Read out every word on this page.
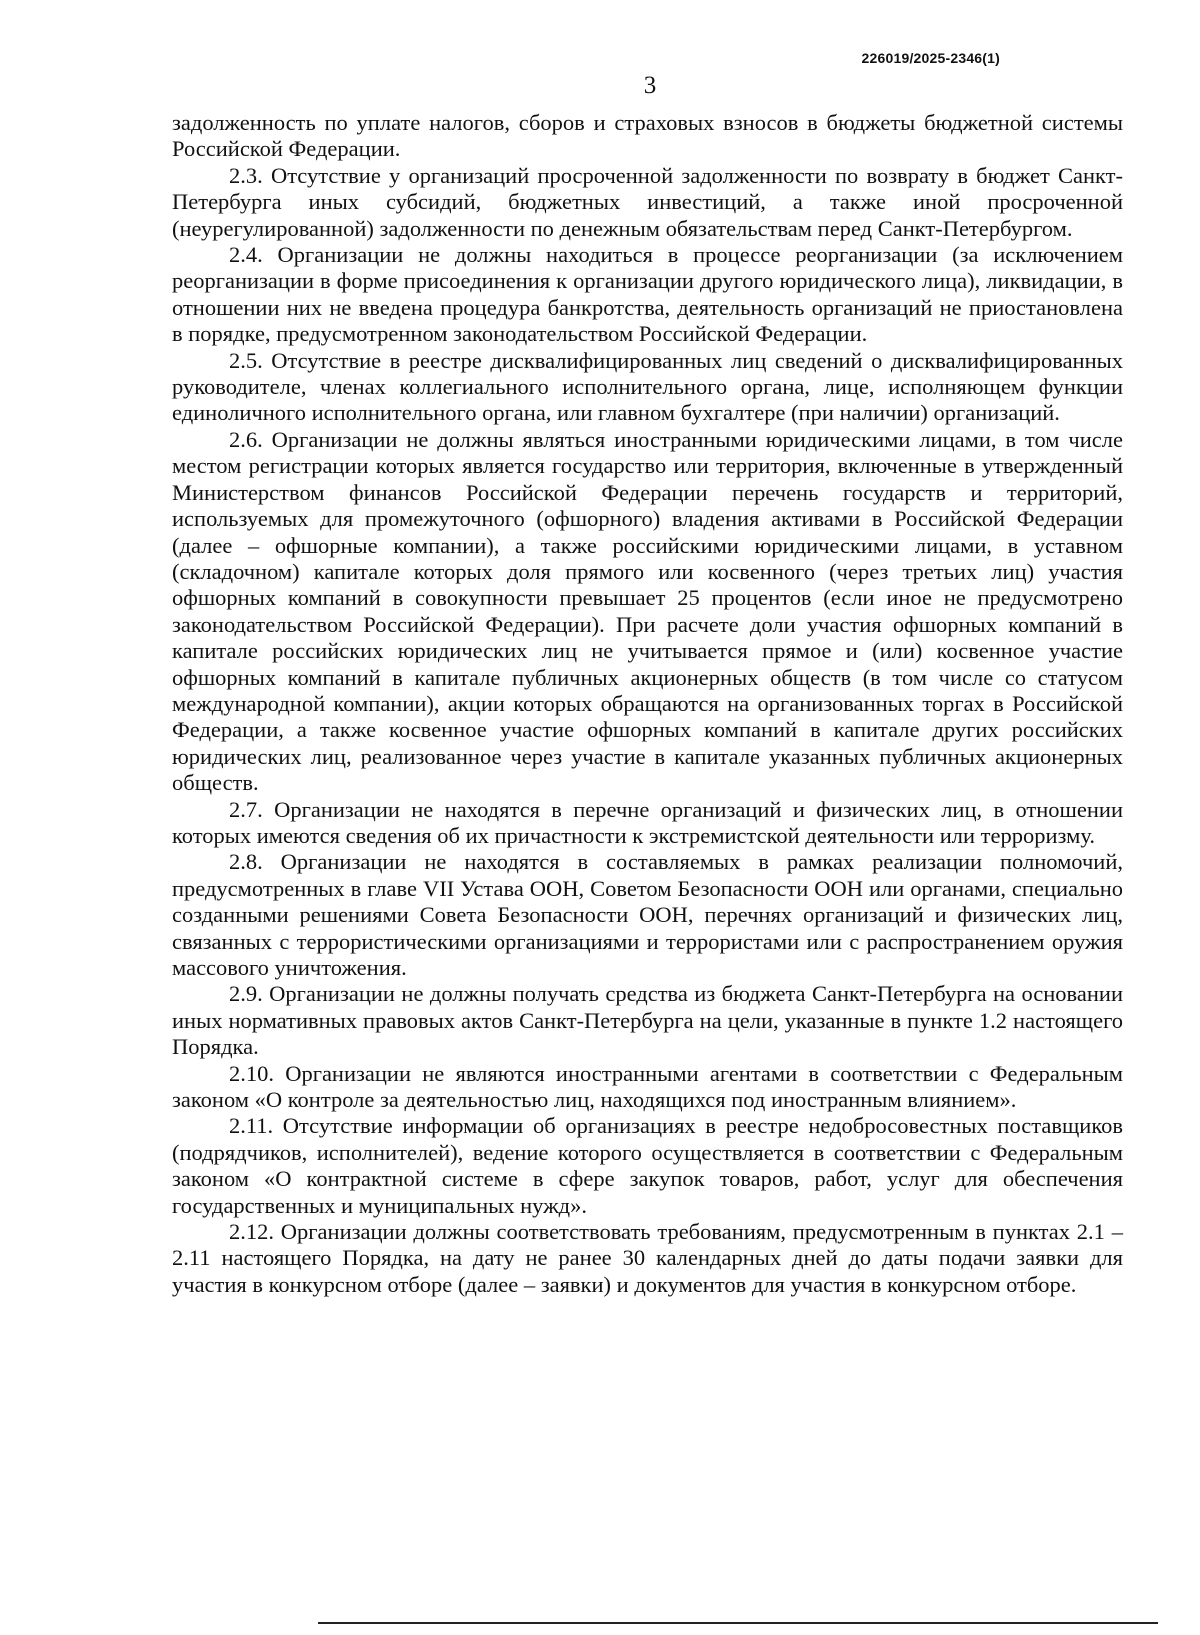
226019/2025-2346(1)
3

задолженность по уплате налогов, сборов и страховых взносов в бюджеты бюджетной системы Российской Федерации.

2.3. Отсутствие у организаций просроченной задолженности по возврату в бюджет Санкт-Петербурга иных субсидий, бюджетных инвестиций, а также иной просроченной (неурегулированной) задолженности по денежным обязательствам перед Санкт-Петербургом.

2.4. Организации не должны находиться в процессе реорганизации (за исключением реорганизации в форме присоединения к организации другого юридического лица), ликвидации, в отношении них не введена процедура банкротства, деятельность организаций не приостановлена в порядке, предусмотренном законодательством Российской Федерации.

2.5. Отсутствие в реестре дисквалифицированных лиц сведений о дисквалифицированных руководителе, членах коллегиального исполнительного органа, лице, исполняющем функции единоличного исполнительного органа, или главном бухгалтере (при наличии) организаций.

2.6. Организации не должны являться иностранными юридическими лицами, в том числе местом регистрации которых является государство или территория, включенные в утвержденный Министерством финансов Российской Федерации перечень государств и территорий, используемых для промежуточного (офшорного) владения активами в Российской Федерации (далее – офшорные компании), а также российскими юридическими лицами, в уставном (складочном) капитале которых доля прямого или косвенного (через третьих лиц) участия офшорных компаний в совокупности превышает 25 процентов (если иное не предусмотрено законодательством Российской Федерации). При расчете доли участия офшорных компаний в капитале российских юридических лиц не учитывается прямое и (или) косвенное участие офшорных компаний в капитале публичных акционерных обществ (в том числе со статусом международной компании), акции которых обращаются на организованных торгах в Российской Федерации, а также косвенное участие офшорных компаний в капитале других российских юридических лиц, реализованное через участие в капитале указанных публичных акционерных обществ.

2.7. Организации не находятся в перечне организаций и физических лиц, в отношении которых имеются сведения об их причастности к экстремистской деятельности или терроризму.

2.8. Организации не находятся в составляемых в рамках реализации полномочий, предусмотренных в главе VII Устава ООН, Советом Безопасности ООН или органами, специально созданными решениями Совета Безопасности ООН, перечнях организаций и физических лиц, связанных с террористическими организациями и террористами или с распространением оружия массового уничтожения.

2.9. Организации не должны получать средства из бюджета Санкт-Петербурга на основании иных нормативных правовых актов Санкт-Петербурга на цели, указанные в пункте 1.2 настоящего Порядка.

2.10. Организации не являются иностранными агентами в соответствии с Федеральным законом «О контроле за деятельностью лиц, находящихся под иностранным влиянием».

2.11. Отсутствие информации об организациях в реестре недобросовестных поставщиков (подрядчиков, исполнителей), ведение которого осуществляется в соответствии с Федеральным законом «О контрактной системе в сфере закупок товаров, работ, услуг для обеспечения государственных и муниципальных нужд».

2.12. Организации должны соответствовать требованиям, предусмотренным в пунктах 2.1 – 2.11 настоящего Порядка, на дату не ранее 30 календарных дней до даты подачи заявки для участия в конкурсном отборе (далее – заявки) и документов для участия в конкурсном отборе.
